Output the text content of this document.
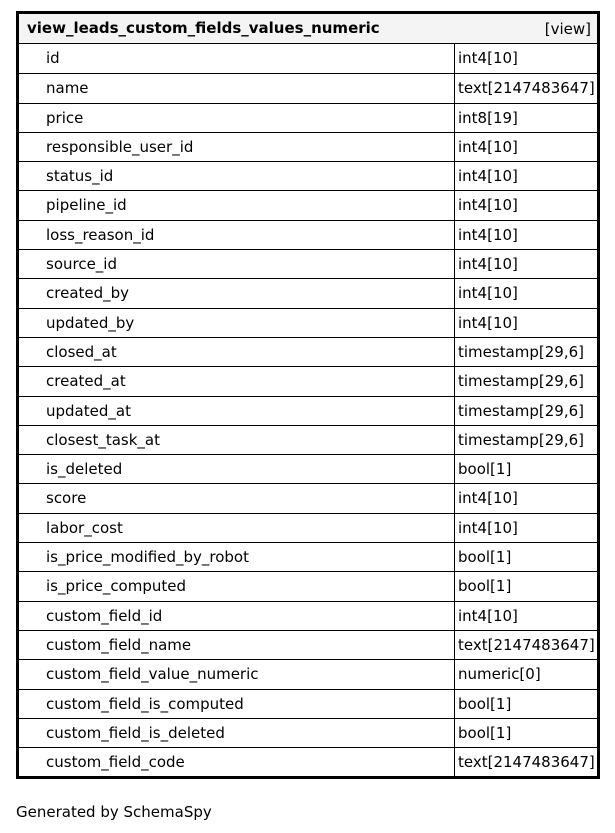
view_leads_custom_fields_values_numeric	[view]
id	int4[10]
name	text[2147483647]
price	int8[19]
responsible_user_id	int4[10]
status_id	int4[10]
pipeline_id	int4[10]
loss_reason_id	int4[10]
source_id	int4[10]
created_by	int4[10]
updated_by	int4[10]
closed_at	timestamp[29,6]
created_at	timestamp[29,6]
updated_at	timestamp[29,6]
closest_task_at	timestamp[29,6]
is_deleted	bool[1]
score	int4[10]
labor_cost	int4[10]
is_price_modified_by_robot	bool[1]
is_price_computed	bool[1]
custom_field_id	int4[10]
custom_field_name	text[2147483647]
custom_field_value_numeric	numeric[0]
custom_field_is_computed	bool[1]
custom_field_is_deleted	bool[1]
custom_field_code	text[2147483647]
Generated by SchemaSpy
